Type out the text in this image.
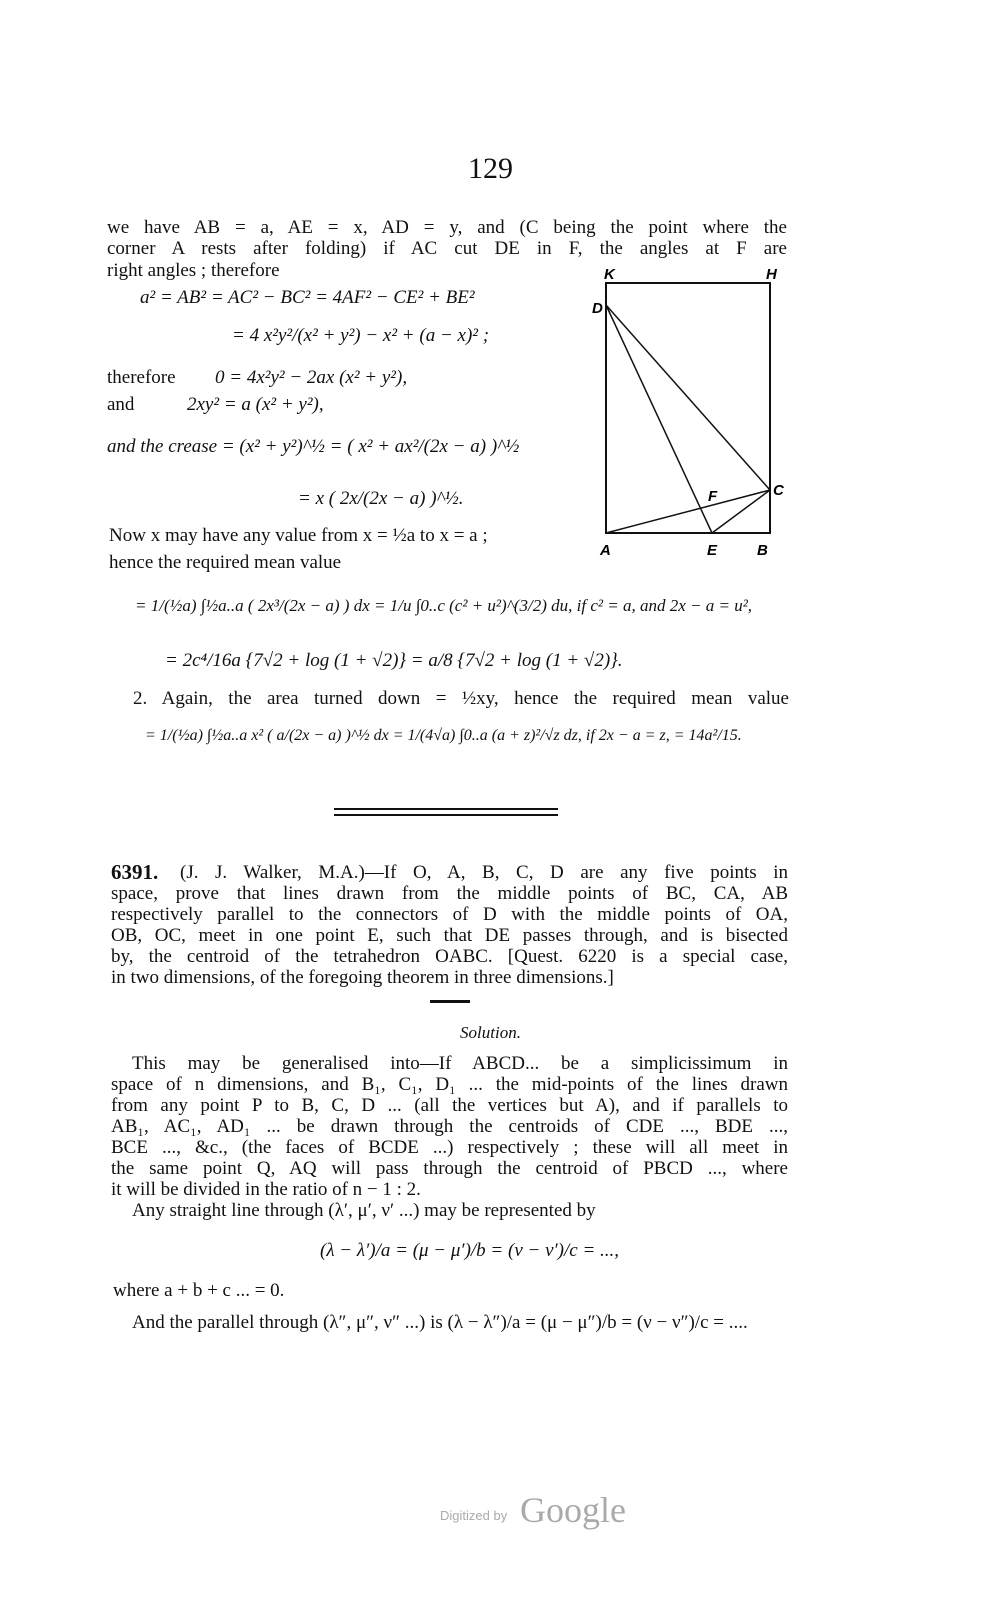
129
we have AB = a, AE = x, AD = y, and (C being the point where the
corner A rests after folding) if AC cut DE in F, the angles at F are
right angles ; therefore
a² = AB² = AC² − BC² = 4AF² − CE² + BE²
= 4 x²y²/(x² + y²) − x² + (a − x)² ;
therefore 0 = 4x²y² − 2ax (x² + y²),
and	2xy² = a (x² + y²),
and the crease = (x² + y²)^½ = ( x² + ax²/(2x − a) )^½
= x ( 2x/(2x − a) )^½.
Now x may have any value from x = ½a to x = a ;
hence the required mean value
= 1/(½a) ∫½a..a ( 2x³/(2x − a) ) dx = 1/u ∫0..c (c² + u²)^(3/2) du, if c² = a, and 2x − a = u²,
= 2c⁴/16a {7√2 + log (1 + √2)} = a/8 {7√2 + log (1 + √2)}.
2. Again, the area turned down = ½xy, hence the required mean value
= 1/(½a) ∫½a..a x² ( a/(2x − a) )^½ dx = 1/(4√a) ∫0..a (a + z)²/√z dz, if 2x − a = z, = 14a²/15.
K	H
D
C
F
A	E	B
6391. (J. J. Walker, M.A.)—If O, A, B, C, D are any five points in
space, prove that lines drawn from the middle points of BC, CA, AB
respectively parallel to the connectors of D with the middle points of OA,
OB, OC, meet in one point E, such that DE passes through, and is bisected
by, the centroid of the tetrahedron OABC. [Quest. 6220 is a special case,
in two dimensions, of the foregoing theorem in three dimensions.]
Solution.
This may be generalised into—If ABCD... be a simplicissimum in
space of n dimensions, and B₁, C₁, D₁ ... the mid-points of the lines drawn
from any point P to B, C, D ... (all the vertices but A), and if parallels to
AB₁, AC₁, AD₁ ... be drawn through the centroids of CDE ..., BDE ...,
BCE ..., &c., (the faces of BCDE ...) respectively ; these will all meet in
the same point Q, AQ will pass through the centroid of PBCD ..., where
it will be divided in the ratio of n − 1 : 2.
Any straight line through (λ′, μ′, ν′ ...) may be represented by
(λ − λ′)/a = (μ − μ′)/b = (ν − ν′)/c = ...,
where a + b + c ... = 0.
And the parallel through (λ″, μ″, ν″ ...) is (λ − λ″)/a = (μ − μ″)/b = (ν − ν″)/c = ....
Digitized by Google
